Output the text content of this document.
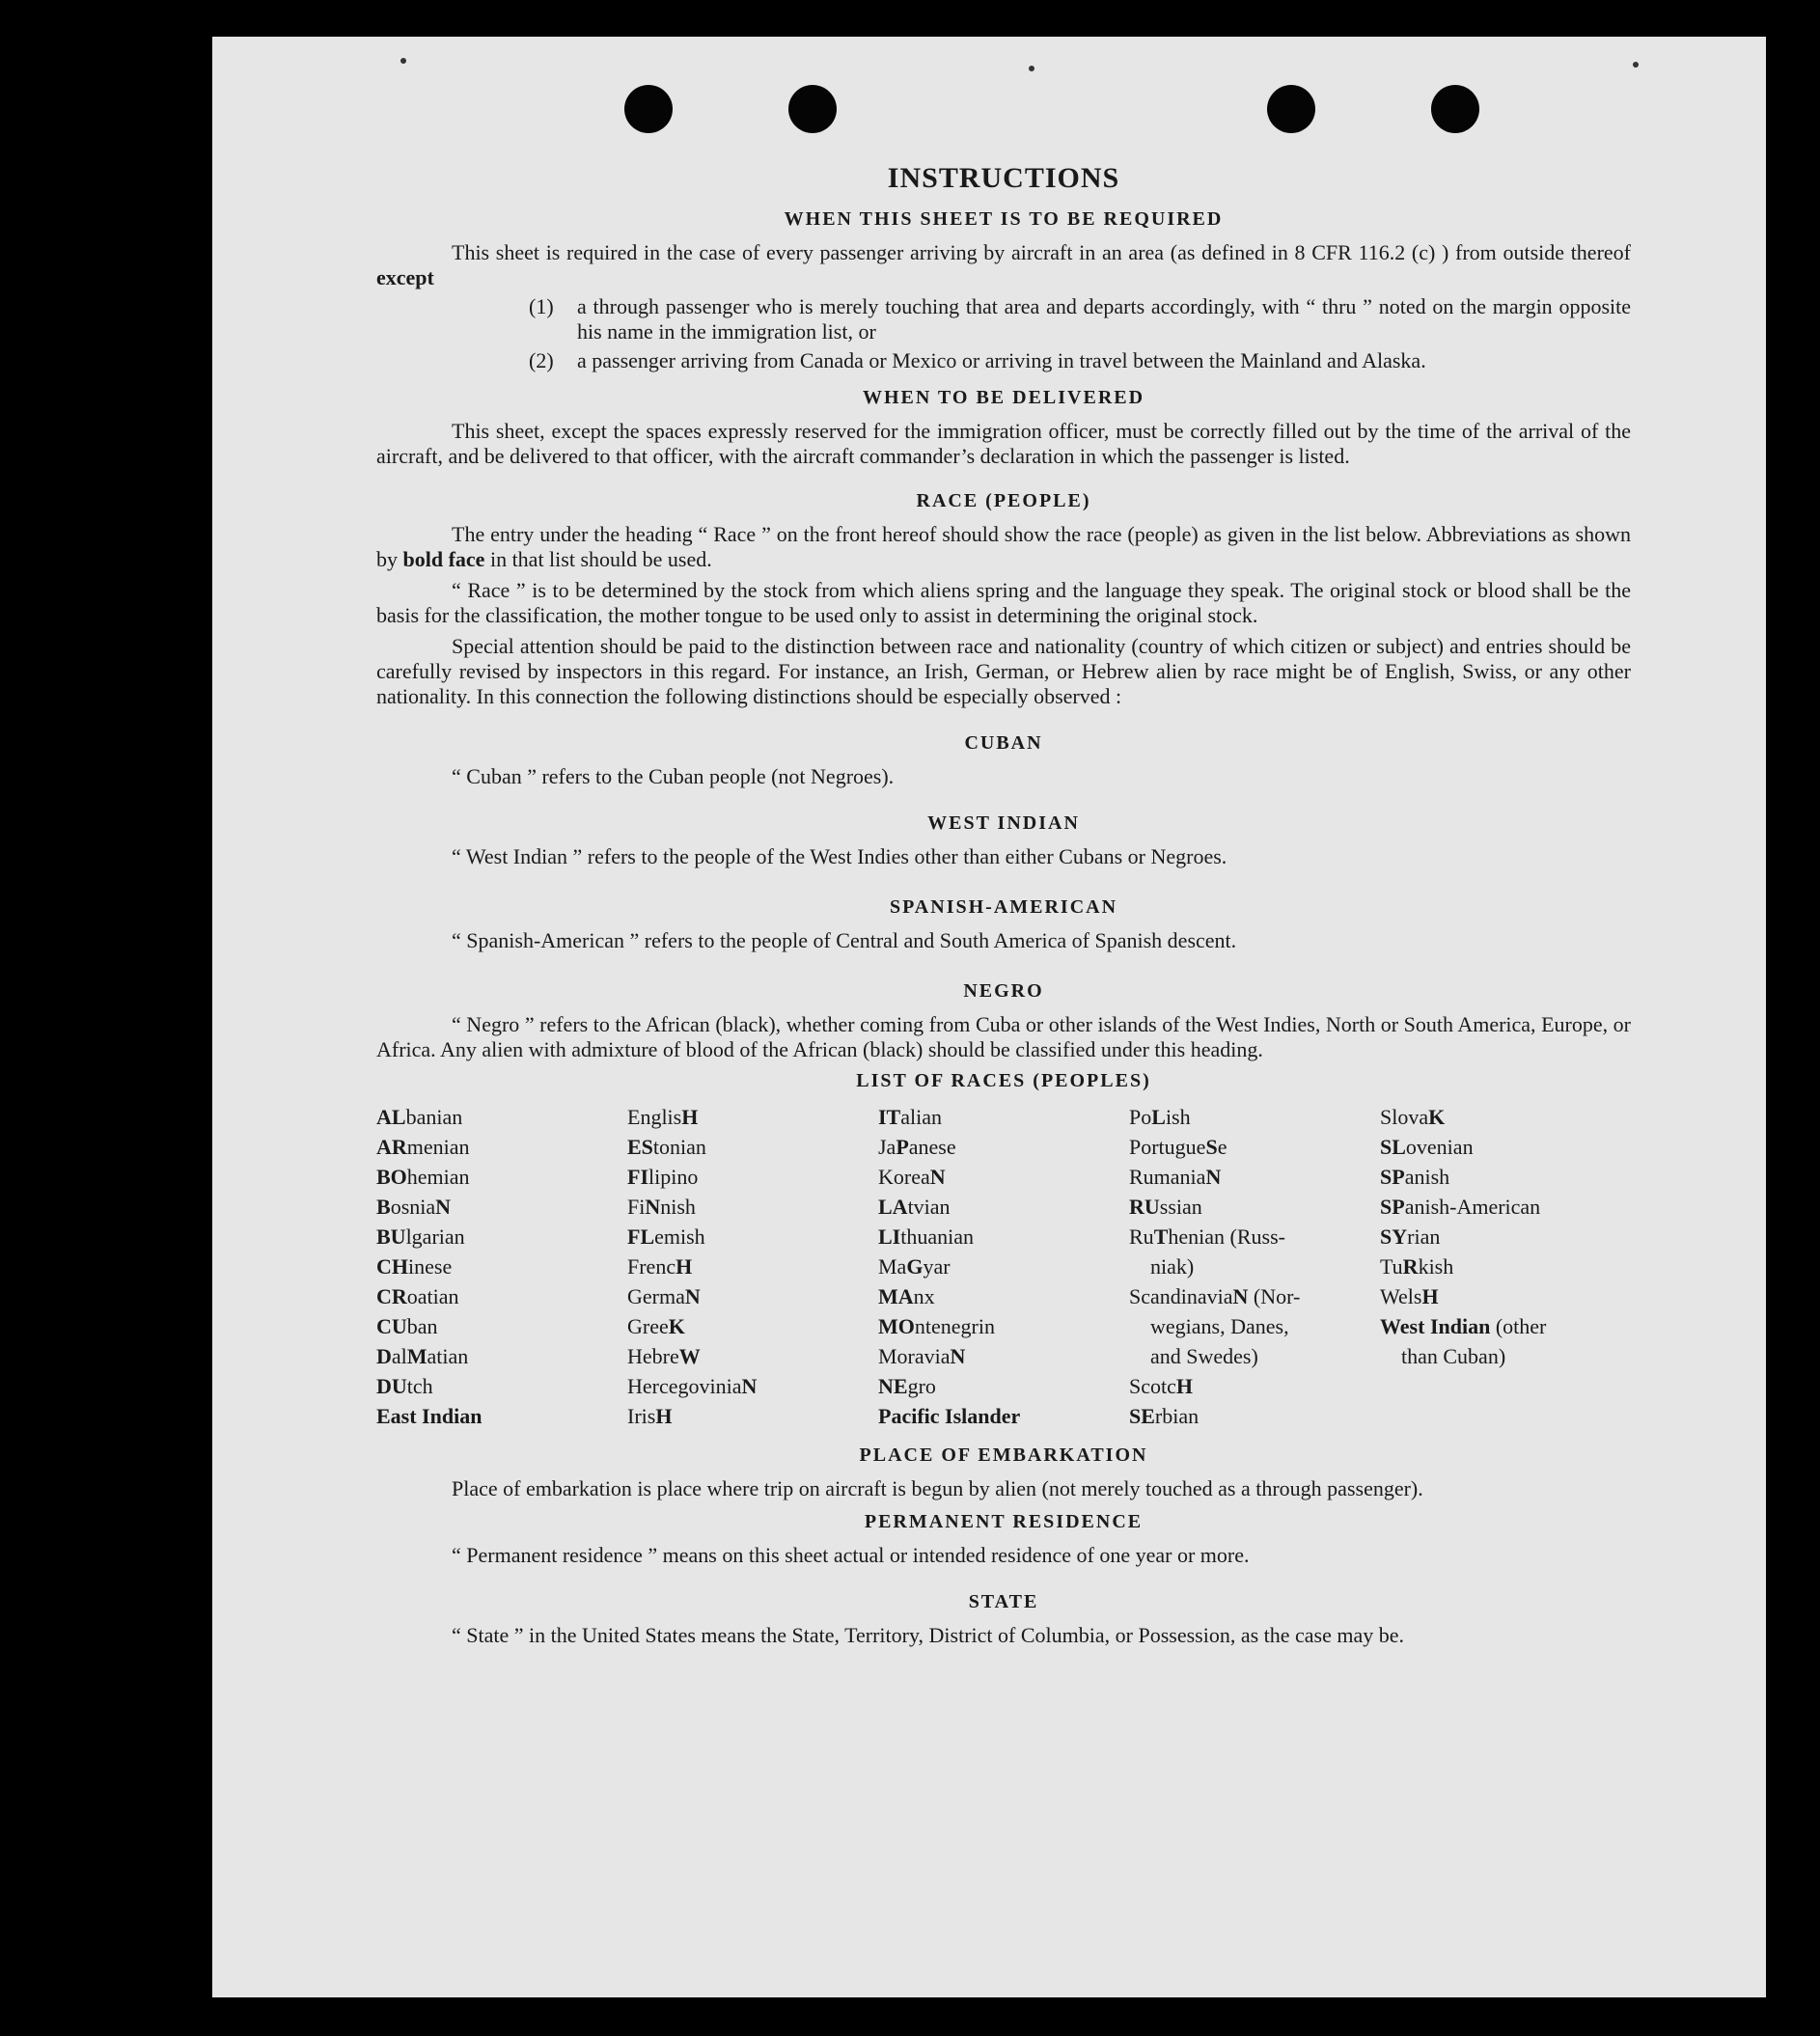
INSTRUCTIONS
WHEN THIS SHEET IS TO BE REQUIRED

This sheet is required in the case of every passenger arriving by aircraft in an area (as defined in 8 CFR 116.2 (c) ) from outside thereof except

(1)	a through passenger who is merely touching that area and departs accordingly, with “ thru ” noted on the margin opposite his name in the immigration list, or
(2)	a passenger arriving from Canada or Mexico or arriving in travel between the Mainland and Alaska.
WHEN TO BE DELIVERED

This sheet, except the spaces expressly reserved for the immigration officer, must be correctly filled out by the time of the arrival of the aircraft, and be delivered to that officer, with the aircraft commander’s declaration in which the passenger is listed.

RACE (PEOPLE)

The entry under the heading “ Race ” on the front hereof should show the race (people) as given in the list below. Abbreviations as shown by bold face in that list should be used.

“ Race ” is to be determined by the stock from which aliens spring and the language they speak. The original stock or blood shall be the basis for the classification, the mother tongue to be used only to assist in determining the original stock.

Special attention should be paid to the distinction between race and nationality (country of which citizen or subject) and entries should be carefully revised by inspectors in this regard. For instance, an Irish, German, or Hebrew alien by race might be of English, Swiss, or any other nationality. In this connection the following distinctions should be especially observed :

CUBAN

“ Cuban ” refers to the Cuban people (not Negroes).

WEST INDIAN

“ West Indian ” refers to the people of the West Indies other than either Cubans or Negroes.

SPANISH-AMERICAN

“ Spanish-American ” refers to the people of Central and South America of Spanish descent.

NEGRO

“ Negro ” refers to the African (black), whether coming from Cuba or other islands of the West Indies, North or South America, Europe, or Africa. Any alien with admixture of blood of the African (black) should be classified under this heading.

LIST OF RACES (PEOPLES)
ALbanian
ARmenian
BOhemian
BosniaN
BUlgarian
CHinese
CRoatian
CUban
DalMatian
DUtch
East Indian
EnglisH
EStonian
FIlipino
FiNnish
FLemish
FrencH
GermaN
GreeK
HebreW
HercegoviniaN
IrisH
ITalian
JaPanese
KoreaN
LAtvian
LIthuanian
MaGyar
MAnx
MOntenegrin
MoraviaN
NEgro
Pacific Islander
PoLish
PortugueSe
RumaniaN
RUssian
RuThenian (Russ-
niak)
ScandinaviaN (Nor-
wegians, Danes,
and Swedes)
ScotcH
SErbian
SlovaK
SLovenian
SPanish
SPanish-American
SYrian
TuRkish
WelsH
West Indian (other
than Cuban)
PLACE OF EMBARKATION

Place of embarkation is place where trip on aircraft is begun by alien (not merely touched as a through passenger).

PERMANENT RESIDENCE

“ Permanent residence ” means on this sheet actual or intended residence of one year or more.

STATE

“ State ” in the United States means the State, Territory, District of Columbia, or Possession, as the case may be.
